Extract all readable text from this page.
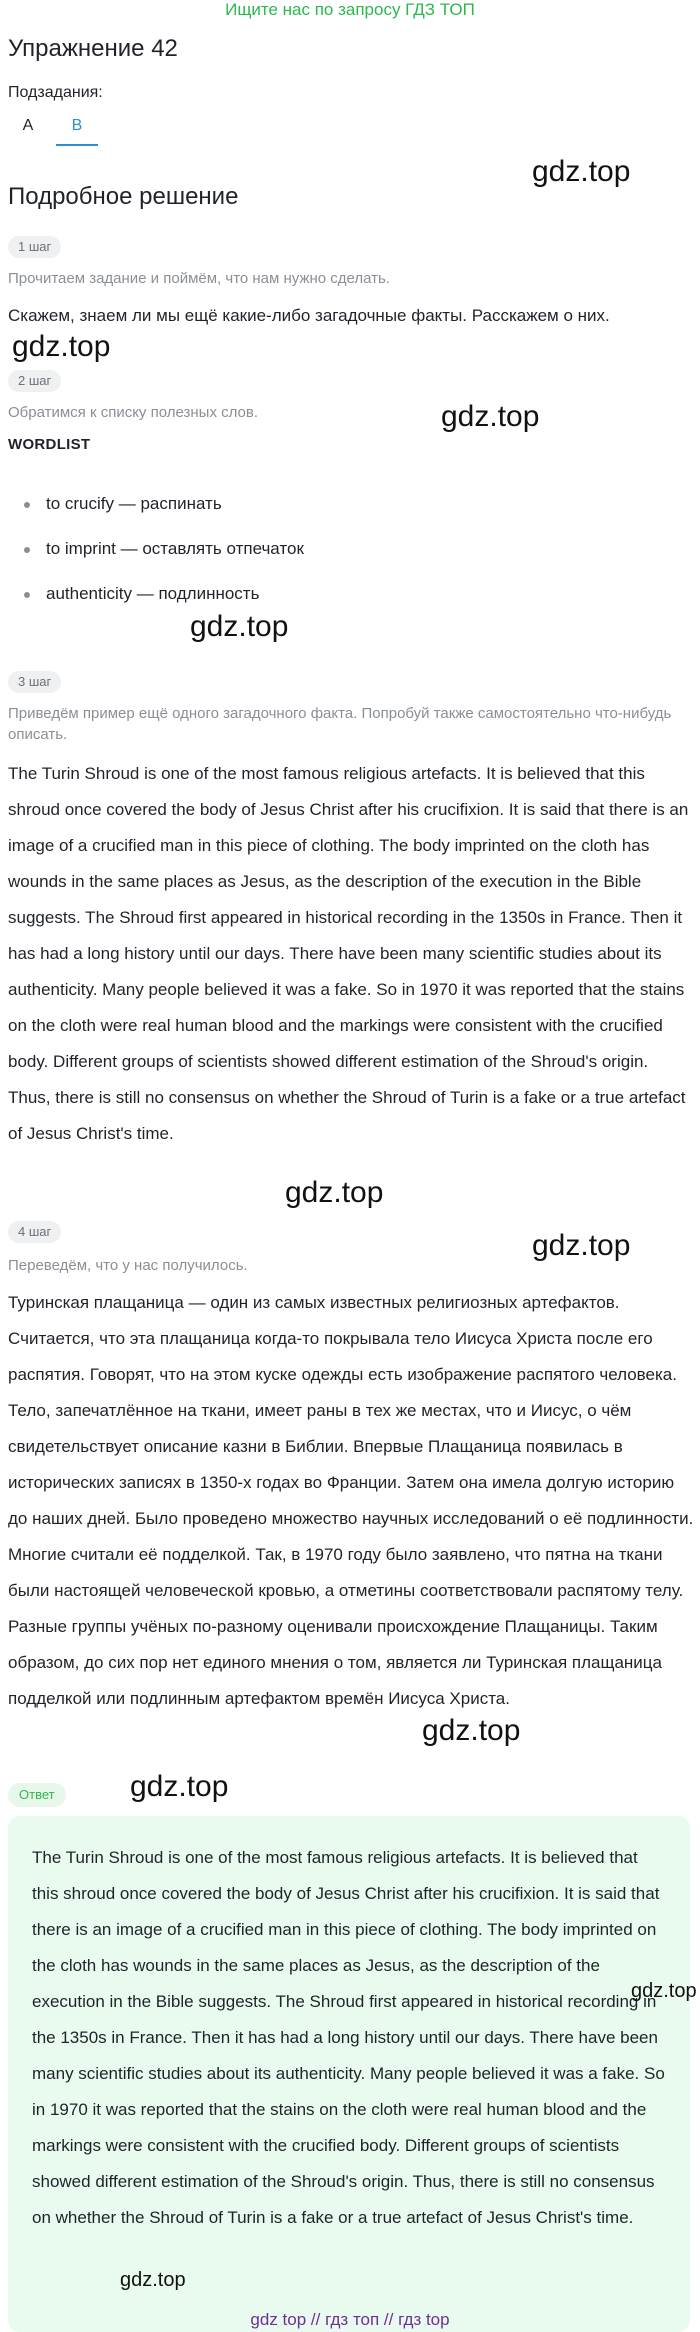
Ищите нас по запросу ГДЗ ТОП
Упражнение 42
Подзадания:
A	B
Подробное решение
1 шаг
Прочитаем задание и поймём, что нам нужно сделать.
Скажем, знаем ли мы ещё какие-либо загадочные факты. Расскажем о них.
2 шаг
Обратимся к списку полезных слов.
WORDLIST
to crucify — распинать
to imprint — оставлять отпечаток
authenticity — подлинность
3 шаг
Приведём пример ещё одного загадочного факта. Попробуй также самостоятельно что-нибудь описать.
The Turin Shroud is one of the most famous religious artefacts. It is believed that this shroud once covered the body of Jesus Christ after his crucifixion. It is said that there is an image of a crucified man in this piece of clothing. The body imprinted on the cloth has wounds in the same places as Jesus, as the description of the execution in the Bible suggests. The Shroud first appeared in historical recording in the 1350s in France. Then it has had a long history until our days. There have been many scientific studies about its authenticity. Many people believed it was a fake. So in 1970 it was reported that the stains on the cloth were real human blood and the markings were consistent with the crucified body. Different groups of scientists showed different estimation of the Shroud's origin. Thus, there is still no consensus on whether the Shroud of Turin is a fake or a true artefact of Jesus Christ's time.
4 шаг
Переведём, что у нас получилось.
Туринская плащаница — один из самых известных религиозных артефактов. Считается, что эта плащаница когда-то покрывала тело Иисуса Христа после его распятия. Говорят, что на этом куске одежды есть изображение распятого человека. Тело, запечатлённое на ткани, имеет раны в тех же местах, что и Иисус, о чём свидетельствует описание казни в Библии. Впервые Плащаница появилась в исторических записях в 1350-х годах во Франции. Затем она имела долгую историю до наших дней. Было проведено множество научных исследований о её подлинности. Многие считали её подделкой. Так, в 1970 году было заявлено, что пятна на ткани были настоящей человеческой кровью, а отметины соответствовали распятому телу. Разные группы учёных по-разному оценивали происхождение Плащаницы. Таким образом, до сих пор нет единого мнения о том, является ли Туринская плащаница подделкой или подлинным артефактом времён Иисуса Христа.
Ответ
The Turin Shroud is one of the most famous religious artefacts. It is believed that this shroud once covered the body of Jesus Christ after his crucifixion. It is said that there is an image of a crucified man in this piece of clothing. The body imprinted on the cloth has wounds in the same places as Jesus, as the description of the execution in the Bible suggests. The Shroud first appeared in historical recording in the 1350s in France. Then it has had a long history until our days. There have been many scientific studies about its authenticity. Many people believed it was a fake. So in 1970 it was reported that the stains on the cloth were real human blood and the markings were consistent with the crucified body. Different groups of scientists showed different estimation of the Shroud's origin. Thus, there is still no consensus on whether the Shroud of Turin is a fake or a true artefact of Jesus Christ's time.
gdz.top
gdz.top
gdz.top
gdz.top
gdz.top
gdz.top
gdz.top
gdz.top
gdz.top
gdz.top
gdz top // гдз топ // гдз top
